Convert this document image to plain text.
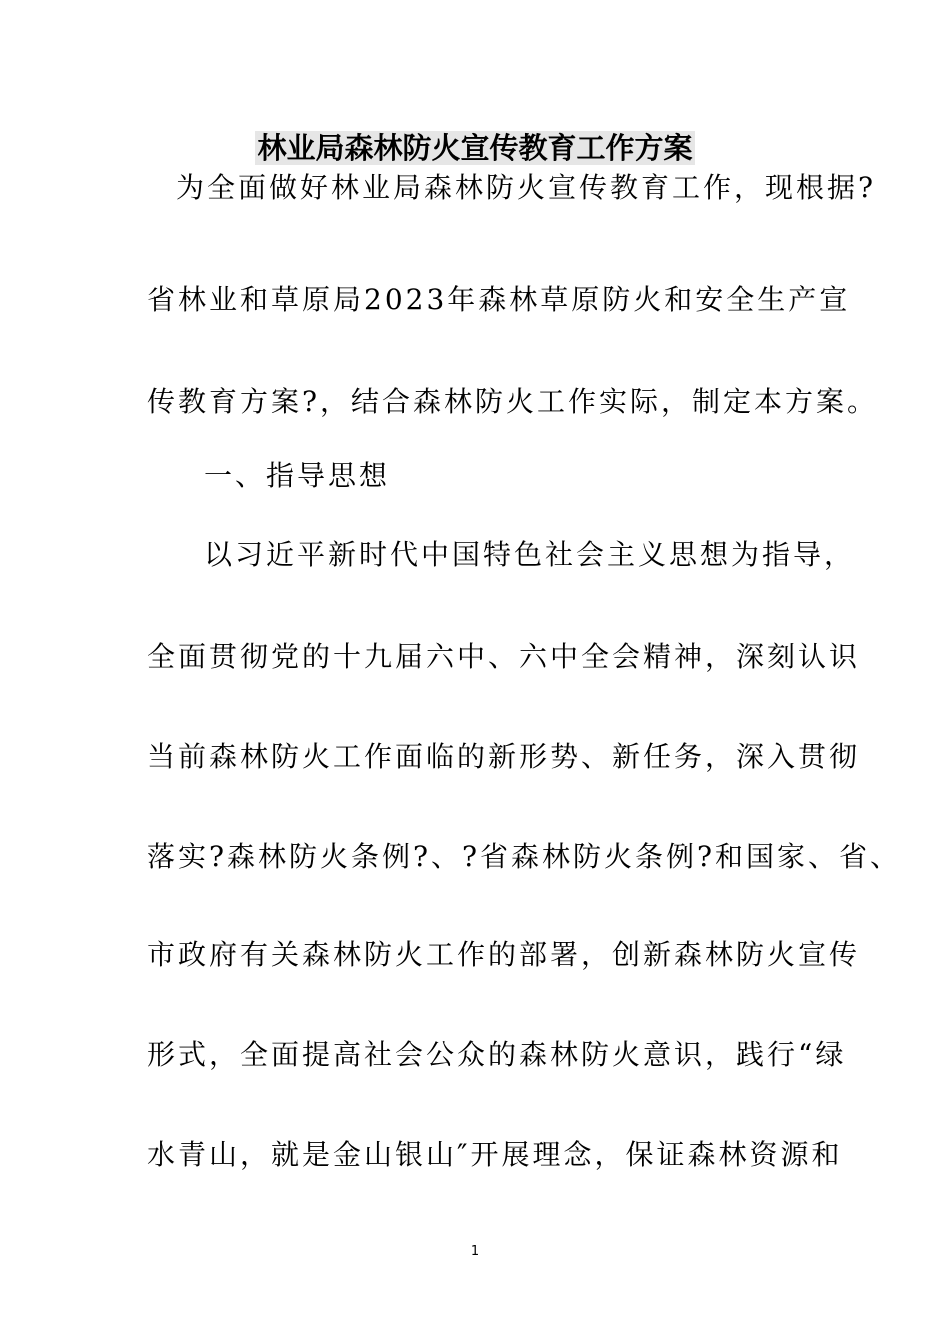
林业局森林防火宣传教育工作方案
为全面做好林业局森林防火宣传教育工作，现根据?
省林业和草原局2023年森林草原防火和安全生产宣
传教育方案?，结合森林防火工作实际，制定本方案。
一、指导思想
以习近平新时代中国特色社会主义思想为指导，
全面贯彻党的十九届六中、六中全会精神，深刻认识
当前森林防火工作面临的新形势、新任务，深入贯彻
落实?森林防火条例?、?省森林防火条例?和国家、省、
市政府有关森林防火工作的部署，创新森林防火宣传
形式，全面提高社会公众的森林防火意识，践行“绿
水青山，就是金山银山″开展理念，保证森林资源和
1
